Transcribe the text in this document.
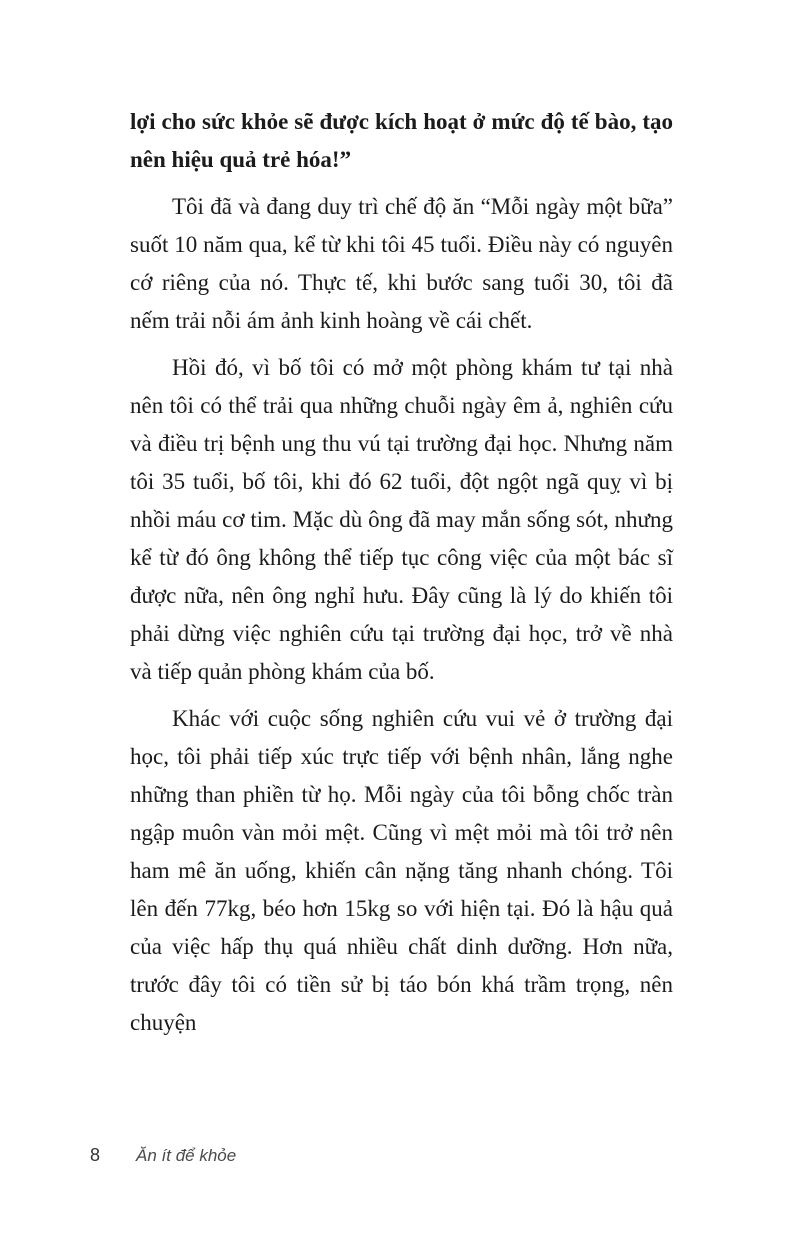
lợi cho sức khỏe sẽ được kích hoạt ở mức độ tế bào, tạo nên hiệu quả trẻ hóa!”

Tôi đã và đang duy trì chế độ ăn “Mỗi ngày một bữa” suốt 10 năm qua, kể từ khi tôi 45 tuổi. Điều này có nguyên cớ riêng của nó. Thực tế, khi bước sang tuổi 30, tôi đã nếm trải nỗi ám ảnh kinh hoàng về cái chết.

Hồi đó, vì bố tôi có mở một phòng khám tư tại nhà nên tôi có thể trải qua những chuỗi ngày êm ả, nghiên cứu và điều trị bệnh ung thu vú tại trường đại học. Nhưng năm tôi 35 tuổi, bố tôi, khi đó 62 tuổi, đột ngột ngã quỵ vì bị nhồi máu cơ tim. Mặc dù ông đã may mắn sống sót, nhưng kể từ đó ông không thể tiếp tục công việc của một bác sĩ được nữa, nên ông nghỉ hưu. Đây cũng là lý do khiến tôi phải dừng việc nghiên cứu tại trường đại học, trở về nhà và tiếp quản phòng khám của bố.

Khác với cuộc sống nghiên cứu vui vẻ ở trường đại học, tôi phải tiếp xúc trực tiếp với bệnh nhân, lắng nghe những than phiền từ họ. Mỗi ngày của tôi bỗng chốc tràn ngập muôn vàn mỏi mệt. Cũng vì mệt mỏi mà tôi trở nên ham mê ăn uống, khiến cân nặng tăng nhanh chóng. Tôi lên đến 77kg, béo hơn 15kg so với hiện tại. Đó là hậu quả của việc hấp thụ quá nhiều chất dinh dưỡng. Hơn nữa, trước đây tôi có tiền sử bị táo bón khá trầm trọng, nên chuyện

8 Ăn ít để khỏe
